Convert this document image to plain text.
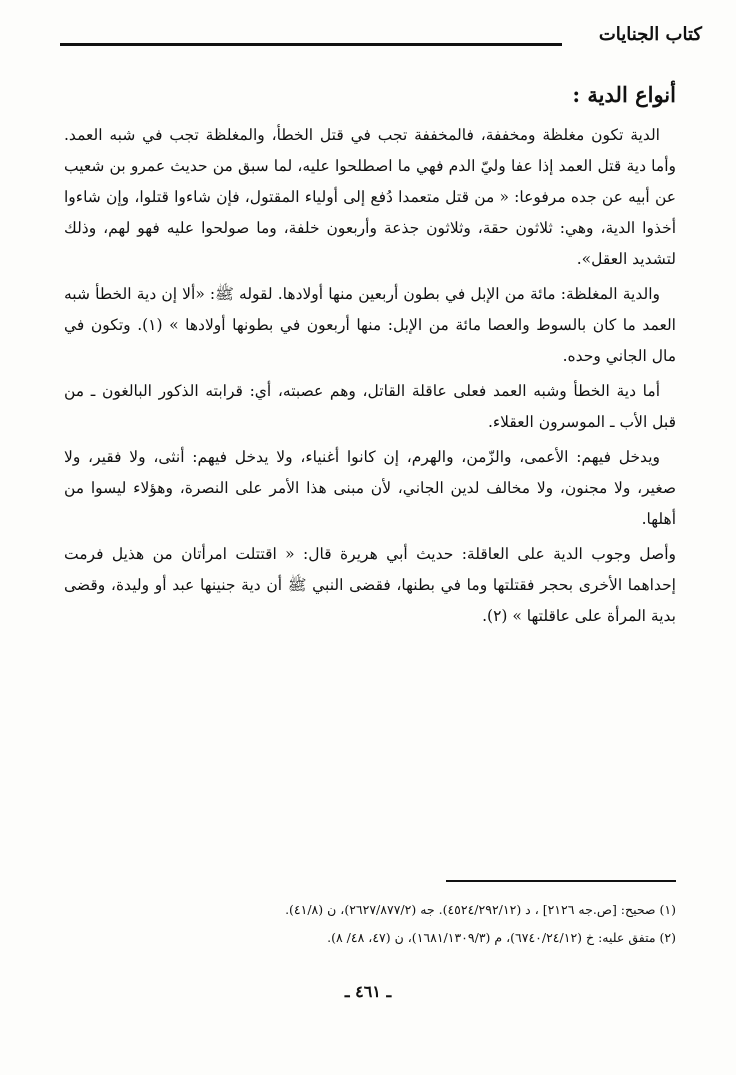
كتاب الجنايات
أنواع الدية :

الدية تكون مغلظة ومخففة، فالمخففة تجب في قتل الخطأ، والمغلظة تجب في شبه العمد. وأما دية قتل العمد إذا عفا وليّ الدم فهي ما اصطلحوا عليه، لما سبق من حديث عمرو بن شعيب عن أبيه عن جده مرفوعا: « من قتل متعمدا دُفع إلى أولياء المقتول، فإن شاءوا قتلوا، وإن شاءوا أخذوا الدية، وهي: ثلاثون حقة، وثلاثون جذعة وأربعون خلفة، وما صولحوا عليه فهو لهم، وذلك لتشديد العقل».

والدية المغلظة: مائة من الإبل في بطون أربعين منها أولادها. لقوله ﷺ: «ألا إن دية الخطأ شبه العمد ما كان بالسوط والعصا مائة من الإبل: منها أربعون في بطونها أولادها » (١). وتكون في مال الجاني وحده.

أما دية الخطأ وشبه العمد فعلى عاقلة القاتل، وهم عصبته، أي: قرابته الذكور البالغون ـ من قبل الأب ـ الموسرون العقلاء.

ويدخل فيهم: الأعمى، والزّمن، والهرم، إن كانوا أغنياء، ولا يدخل فيهم: أنثى، ولا فقير، ولا صغير، ولا مجنون، ولا مخالف لدين الجاني، لأن مبنى هذا الأمر على النصرة، وهؤلاء ليسوا من أهلها.

وأصل وجوب الدية على العاقلة: حديث أبي هريرة قال: « اقتتلت امرأتان من هذيل فرمت إحداهما الأخرى بحجر فقتلتها وما في بطنها، فقضى النبي ﷺ أن دية جنينها عبد أو وليدة، وقضى بدية المرأة على عاقلتها » (٢).

(١) صحيح: [ص.جه ٢١٢٦] ، د (٤٥٢٤/٢٩٢/١٢). جه (٢٦٢٧/٨٧٧/٢)، ن (٤١/٨).

(٢) متفق عليه: خ (٦٧٤٠/٢٤/١٢)، م (١٦٨١/١٣٠٩/٣)، ن (٤٧، ٤٨/ ٨).

ـ ٤٦١ ـ
